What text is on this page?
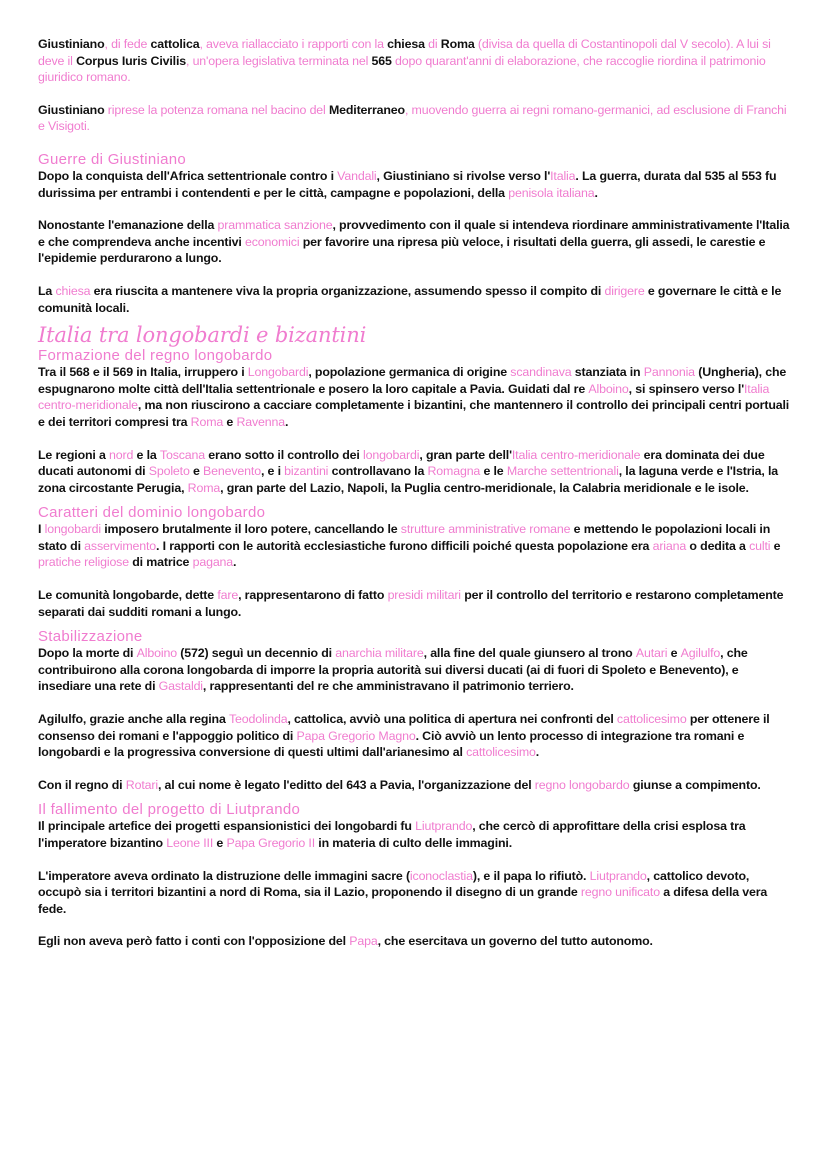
Giustiniano, di fede cattolica, aveva riallacciato i rapporti con la chiesa di Roma (divisa da quella di Costantinopoli dal V secolo). A lui si deve il Corpus Iuris Civilis, un'opera legislativa terminata nel 565 dopo quarant'anni di elaborazione, che raccoglie riordina il patrimonio giuridico romano.

Giustiniano riprese la potenza romana nel bacino del Mediterraneo, muovendo guerra ai regni romano-germanici, ad esclusione di Franchi e Visigoti.

Guerre di Giustiniano

Dopo la conquista dell'Africa settentrionale contro i Vandali, Giustiniano si rivolse verso l'Italia. La guerra, durata dal 535 al 553 fu durissima per entrambi i contendenti e per le città, campagne e popolazioni, della penisola italiana.

Nonostante l'emanazione della prammatica sanzione, provvedimento con il quale si intendeva riordinare amministrativamente l'Italia e che comprendeva anche incentivi economici per favorire una ripresa più veloce, i risultati della guerra, gli assedi, le carestie e l'epidemie perdurarono a lungo.

La chiesa era riuscita a mantenere viva la propria organizzazione, assumendo spesso il compito di dirigere e governare le città e le comunità locali.

Italia tra longobardi e bizantini
Formazione del regno longobardo

Tra il 568 e il 569 in Italia, irruppero i Longobardi, popolazione germanica di origine scandinava stanziata in Pannonia (Ungheria), che espugnarono molte città dell'Italia settentrionale e posero la loro capitale a Pavia. Guidati dal re Alboino, si spinsero verso l'Italia centro-meridionale, ma non riuscirono a cacciare completamente i bizantini, che mantennero il controllo dei principali centri portuali e dei territori compresi tra Roma e Ravenna.

Le regioni a nord e la Toscana erano sotto il controllo dei longobardi, gran parte dell'Italia centro-meridionale era dominata dei due ducati autonomi di Spoleto e Benevento, e i bizantini controllavano la Romagna e le Marche settentrionali, la laguna verde e l'Istria, la zona circostante Perugia, Roma, gran parte del Lazio, Napoli, la Puglia centro-meridionale, la Calabria meridionale e le isole.

Caratteri del dominio longobardo

I longobardi imposero brutalmente il loro potere, cancellando le strutture amministrative romane e mettendo le popolazioni locali in stato di asservimento. I rapporti con le autorità ecclesiastiche furono difficili poiché questa popolazione era ariana o dedita a culti e pratiche religiose di matrice pagana.

Le comunità longobarde, dette fare, rappresentarono di fatto presidi militari per il controllo del territorio e restarono completamente separati dai sudditi romani a lungo.

Stabilizzazione

Dopo la morte di Alboino (572) seguì un decennio di anarchia militare, alla fine del quale giunsero al trono Autari e Agilulfo, che contribuirono alla corona longobarda di imporre la propria autorità sui diversi ducati (ai di fuori di Spoleto e Benevento), e insediare una rete di Gastaldi, rappresentanti del re che amministravano il patrimonio terriero.

Agilulfo, grazie anche alla regina Teodolinda, cattolica, avviò una politica di apertura nei confronti del cattolicesimo per ottenere il consenso dei romani e l'appoggio politico di Papa Gregorio Magno. Ciò avviò un lento processo di integrazione tra romani e longobardi e la progressiva conversione di questi ultimi dall'arianesimo al cattolicesimo.

Con il regno di Rotari, al cui nome è legato l'editto del 643 a Pavia, l'organizzazione del regno longobardo giunse a compimento.

Il fallimento del progetto di Liutprando

Il principale artefice dei progetti espansionistici dei longobardi fu Liutprando, che cercò di approfittare della crisi esplosa tra l'imperatore bizantino Leone III e Papa Gregorio II in materia di culto delle immagini.

L'imperatore aveva ordinato la distruzione delle immagini sacre (iconoclastia), e il papa lo rifiutò. Liutprando, cattolico devoto, occupò sia i territori bizantini a nord di Roma, sia il Lazio, proponendo il disegno di un grande regno unificato a difesa della vera fede.

Egli non aveva però fatto i conti con l'opposizione del Papa, che esercitava un governo del tutto autonomo.
